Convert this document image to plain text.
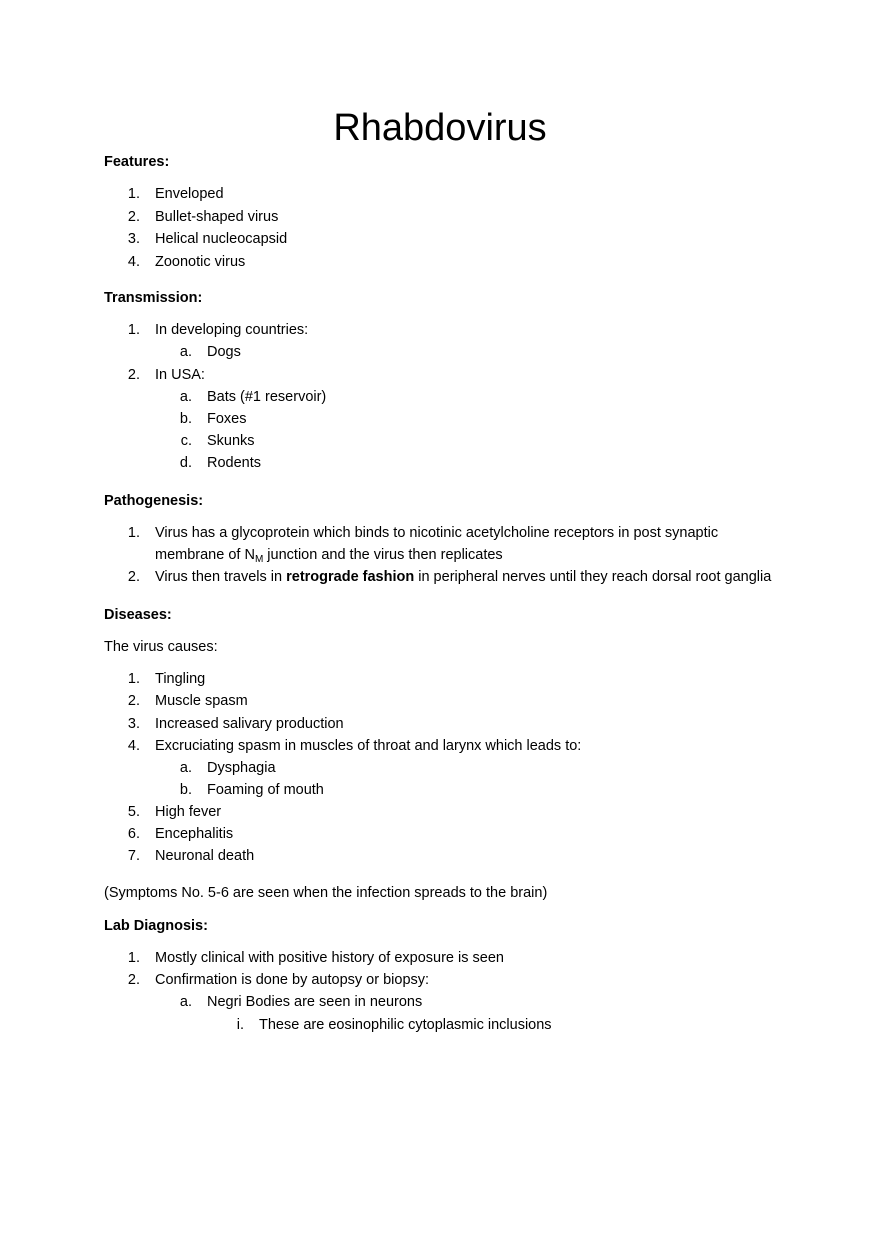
Rhabdovirus
Features:
1. Enveloped
2. Bullet-shaped virus
3. Helical nucleocapsid
4. Zoonotic virus
Transmission:
1. In developing countries:
a. Dogs
2. In USA:
a. Bats (#1 reservoir)
b. Foxes
c. Skunks
d. Rodents
Pathogenesis:
1. Virus has a glycoprotein which binds to nicotinic acetylcholine receptors in post synaptic
membrane of $N_M$ junction and the virus then replicates
2. Virus then travels in retrograde fashion in peripheral nerves until they reach dorsal root ganglia
Diseases:
The virus causes:
1. Tingling
2. Muscle spasm
3. Increased salivary production
4. Excruciating spasm in muscles of throat and larynx which leads to:
a. Dysphagia
b. Foaming of mouth
5. High fever
6. Encephalitis
7. Neuronal death
(Symptoms No. 5-6 are seen when the infection spreads to the brain)
Lab Diagnosis:
1. Mostly clinical with positive history of exposure is seen
2. Confirmation is done by autopsy or biopsy:
a. Negri Bodies are seen in neurons
i. These are eosinophilic cytoplasmic inclusions
